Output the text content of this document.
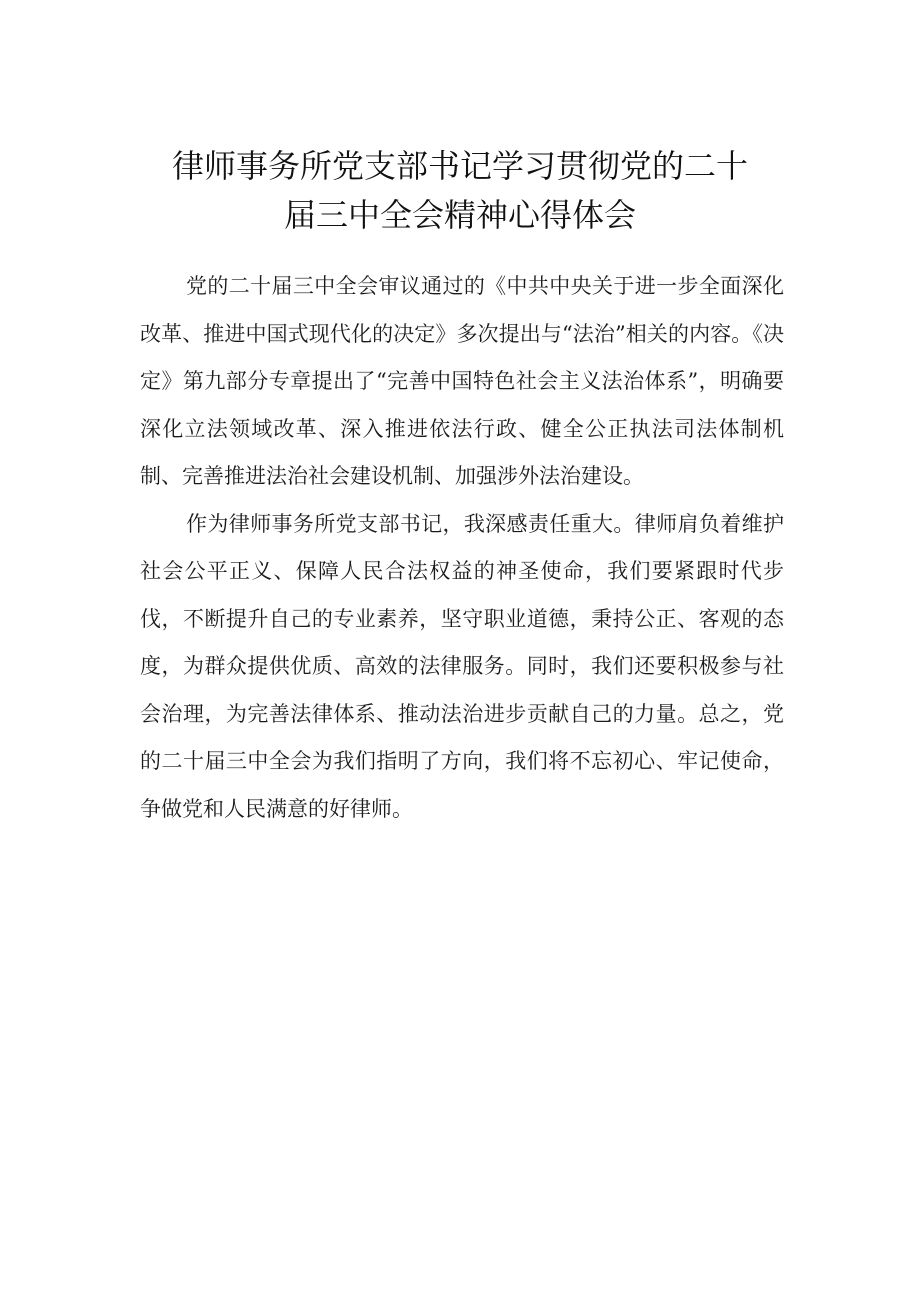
律师事务所党支部书记学习贯彻党的二十
届三中全会精神心得体会

党的二十届三中全会审议通过的《中共中央关于进一步全面深化改革、推进中国式现代化的决定》多次提出与“法治”相关的内容。《决定》第九部分专章提出了“完善中国特色社会主义法治体系”，明确要深化立法领域改革、深入推进依法行政、健全公正执法司法体制机制、完善推进法治社会建设机制、加强涉外法治建设。

作为律师事务所党支部书记，我深感责任重大。律师肩负着维护社会公平正义、保障人民合法权益的神圣使命，我们要紧跟时代步伐，不断提升自己的专业素养，坚守职业道德，秉持公正、客观的态度，为群众提供优质、高效的法律服务。同时，我们还要积极参与社会治理，为完善法律体系、推动法治进步贡献自己的力量。总之，党的二十届三中全会为我们指明了方向，我们将不忘初心、牢记使命，争做党和人民满意的好律师。
